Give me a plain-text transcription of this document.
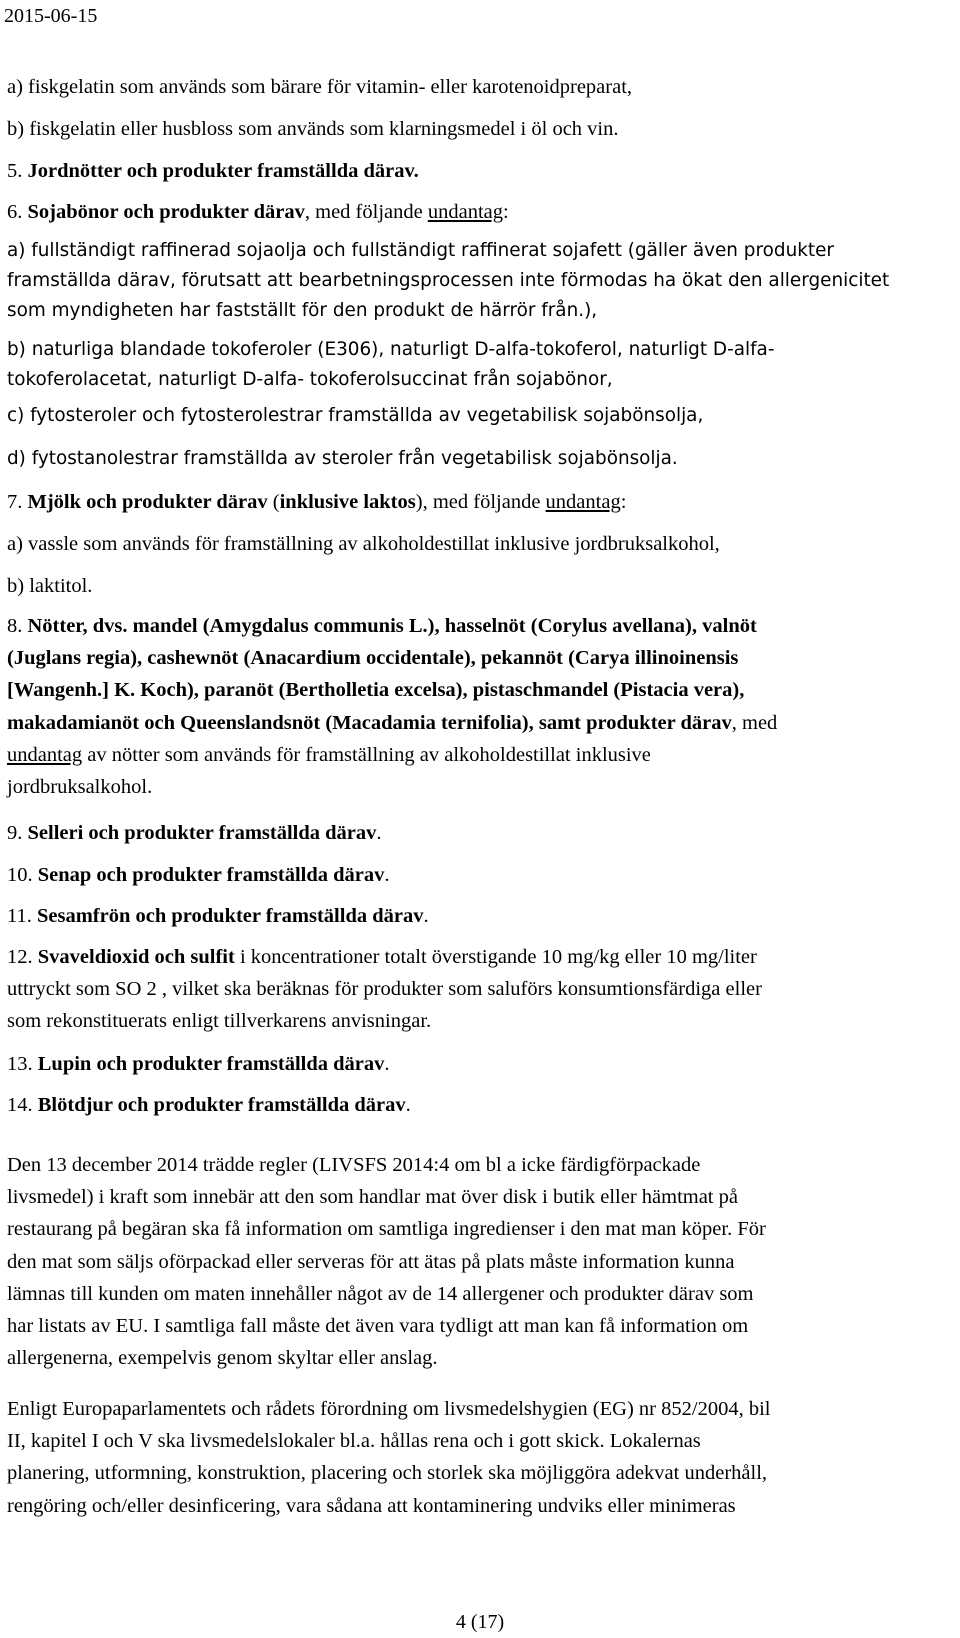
2015-06-15
a) fiskgelatin som används som bärare för vitamin- eller karotenoidpreparat,
b) fiskgelatin eller husbloss som används som klarningsmedel i öl och vin.
5. Jordnötter och produkter framställda därav.
6. Sojabönor och produkter därav, med följande undantag:
a) fullständigt raffinerad sojaolja och fullständigt raffinerat sojafett (gäller även produkter
framställda därav, förutsatt att bearbetningsprocessen inte förmodas ha ökat den allergenicitet
som myndigheten har fastställt för den produkt de härrör från.),
b) naturliga blandade tokoferoler (E306), naturligt D-alfa-tokoferol, naturligt D-alfa-
tokoferolacetat, naturligt D-alfa- tokoferolsuccinat från sojabönor,
c) fytosteroler och fytosterolestrar framställda av vegetabilisk sojabönsolja,
d) fytostanolestrar framställda av steroler från vegetabilisk sojabönsolja.
7. Mjölk och produkter därav (inklusive laktos), med följande undantag:
a) vassle som används för framställning av alkoholdestillat inklusive jordbruksalkohol,
b) laktitol.
8. Nötter, dvs. mandel (Amygdalus communis L.), hasselnöt (Corylus avellana), valnöt
(Juglans regia), cashewnöt (Anacardium occidentale), pekannöt (Carya illinoinensis
[Wangenh.] K. Koch), paranöt (Bertholletia excelsa), pistaschmandel (Pistacia vera),
makadamianöt och Queenslandsnöt (Macadamia ternifolia), samt produkter därav, med
undantag av nötter som används för framställning av alkoholdestillat inklusive
jordbruksalkohol.
9. Selleri och produkter framställda därav.
10. Senap och produkter framställda därav.
11. Sesamfrön och produkter framställda därav.
12. Svaveldioxid och sulfit i koncentrationer totalt överstigande 10 mg/kg eller 10 mg/liter
uttryckt som SO 2 , vilket ska beräknas för produkter som saluförs konsumtionsfärdiga eller
som rekonstituerats enligt tillverkarens anvisningar.
13. Lupin och produkter framställda därav.
14. Blötdjur och produkter framställda därav.
Den 13 december 2014 trädde regler (LIVSFS 2014:4 om bl a icke färdigförpackade
livsmedel) i kraft som innebär att den som handlar mat över disk i butik eller hämtmat på
restaurang på begäran ska få information om samtliga ingredienser i den mat man köper. För
den mat som säljs oförpackad eller serveras för att ätas på plats måste information kunna
lämnas till kunden om maten innehåller något av de 14 allergener och produkter därav som
har listats av EU. I samtliga fall måste det även vara tydligt att man kan få information om
allergenerna, exempelvis genom skyltar eller anslag.
Enligt Europaparlamentets och rådets förordning om livsmedelshygien (EG) nr 852/2004, bil
II, kapitel I och V ska livsmedelslokaler bl.a. hållas rena och i gott skick. Lokalernas
planering, utformning, konstruktion, placering och storlek ska möjliggöra adekvat underhåll,
rengöring och/eller desinficering, vara sådana att kontaminering undviks eller minimeras
4 (17)
